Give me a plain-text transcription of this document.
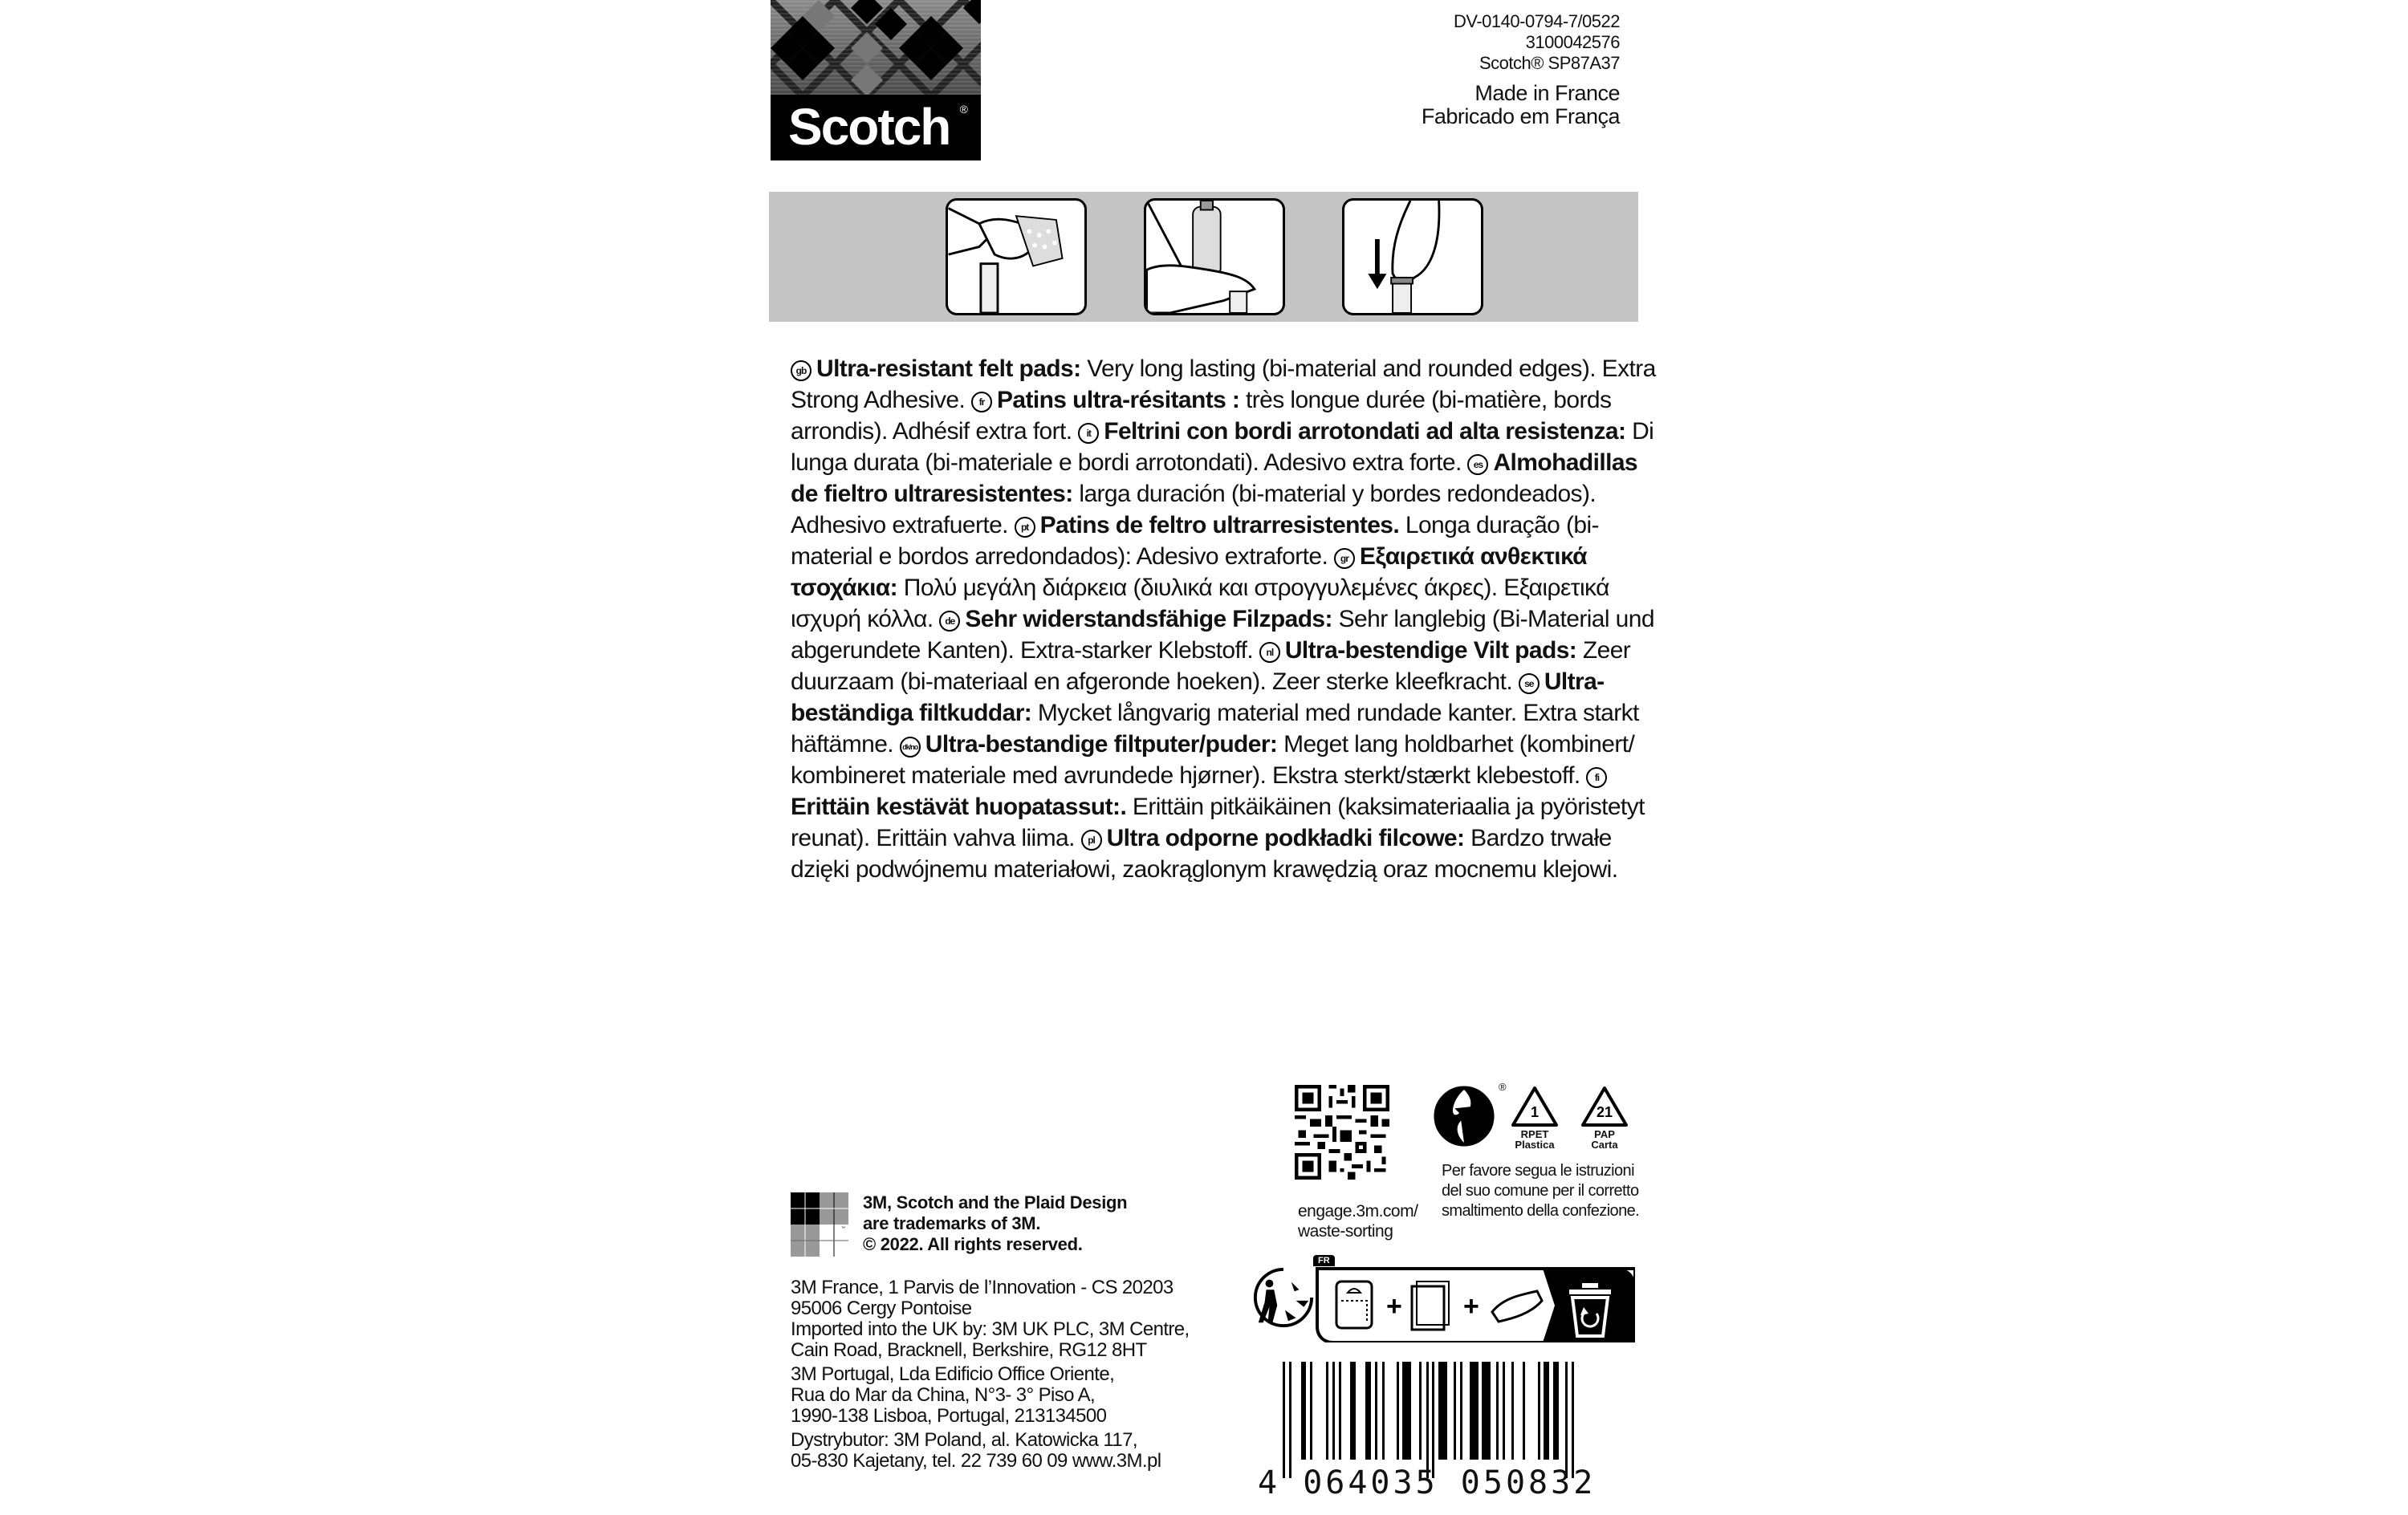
Scotch ®
DV-0140-0794-7/0522
3100042576
Scotch® SP87A37
Made in France
Fabricado em França
gb Ultra-resistant felt pads: Very long lasting (bi-material and rounded edges). Extra Strong Adhesive. fr Patins ultra-résitants : très longue durée (bi-matière, bords arrondis). Adhésif extra fort. it Feltrini con bordi arrotondati ad alta resistenza: Di lunga durata (bi-materiale e bordi arrotondati). Adesivo extra forte. es Almohadillas de fieltro ultraresistentes: larga duración (bi-material y bordes redondeados). Adhesivo extrafuerte. pt Patins de feltro ultrarresistentes. Longa duração (bi-material e bordos arredondados): Adesivo extraforte. gr Εξαιρετικά ανθεκτικά τσοχάκια: Πολύ μεγάλη διάρκεια (διυλικά και στρογγυλεμένες άκρες). Εξαιρετικά ισχυρή κόλλα. de Sehr widerstandsfähige Filzpads: Sehr langlebig (Bi-Material und abgerundete Kanten). Extra-starker Klebstoff. nl Ultra-bestendige Vilt pads: Zeer duurzaam (bi-materiaal en afgeronde hoeken). Zeer sterke kleefkracht. se Ultra-beständiga filtkuddar: Mycket långvarig material med rundade kanter. Extra starkt häftämne. dk/no Ultra-bestandige filtputer/puder: Meget lang holdbarhet (kombinert/ kombineret materiale med avrundede hjørner). Ekstra sterkt/stærkt klebestoff. fiErittäin kestävät huopatassut:. Erittäin pitkäikäinen (kaksimateriaalia ja pyöristetyt reunat). Erittäin vahva liima. pl Ultra odporne podkładki filcowe: Bardzo trwałe dzięki podwójnemu materiałowi, zaokrąglonym krawędzią oraz mocnemu klejowi.
™
3M, Scotch and the Plaid Design
are trademarks of 3M.
© 2022. All rights reserved.
3M France, 1 Parvis de l’Innovation - CS 20203
95006 Cergy Pontoise
Imported into the UK by: 3M UK PLC, 3M Centre,
Cain Road, Bracknell, Berkshire, RG12 8HT
3M Portugal, Lda Edificio Office Oriente,
Rua do Mar da China, N°3- 3° Piso A,
1990-138 Lisboa, Portugal, 213134500
Dystrybutor: 3M Poland, al. Katowicka 117,
05-830 Kajetany, tel. 22 739 60 09 www.3M.pl
engage.3m.com/
waste-sorting
®
1
RPET
Plastica
21
PAP
Carta
Per favore segua le istruzioni
del suo comune per il corretto
smaltimento della confezione.
FR
+ +
4 064035 050832
